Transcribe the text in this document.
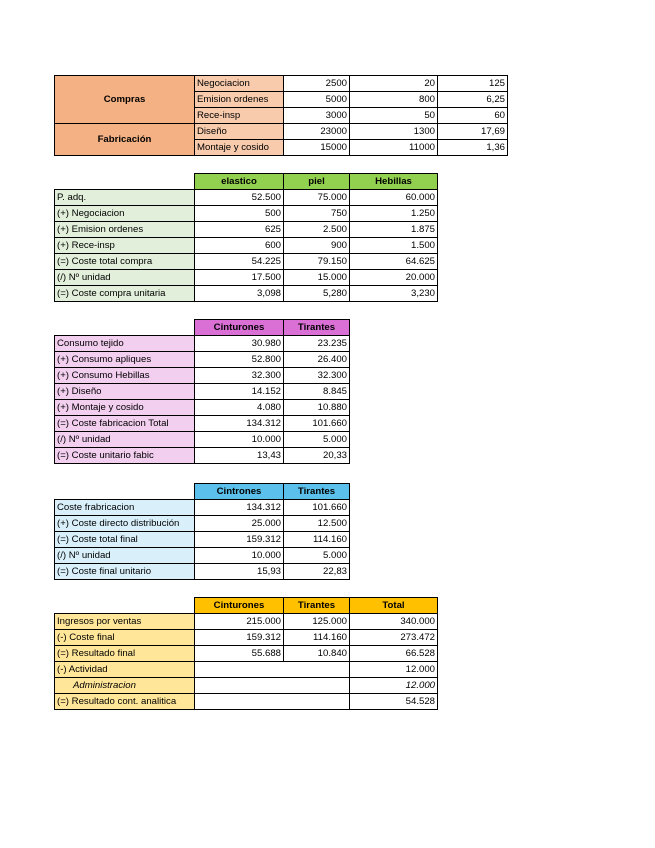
Compras	Negociacion	2500	20	125
	Emision ordenes	5000	800	6,25
	Rece-insp	3000	50	60
Fabricación	Diseño	23000	1300	17,69
	Montaje y cosido	15000	11000	1,36
	elastico	piel	Hebillas
P. adq.	52.500	75.000	60.000
(+) Negociacion	500	750	1.250
(+) Emision ordenes	625	2.500	1.875
(+) Rece-insp	600	900	1.500
(=) Coste total compra	54.225	79.150	64.625
(/) Nº unidad	17.500	15.000	20.000
(=) Coste compra unitaria	3,098	5,280	3,230
	Cinturones	Tirantes
Consumo tejido	30.980	23.235
(+) Consumo apliques	52.800	26.400
(+) Consumo Hebillas	32.300	32.300
(+) Diseño	14.152	8.845
(+) Montaje y cosido	4.080	10.880
(=) Coste fabricacion Total	134.312	101.660
(/) Nº unidad	10.000	5.000
(=) Coste unitario fabic	13,43	20,33
	Cintrones	Tirantes
Coste frabricacion	134.312	101.660
(+) Coste directo distribución	25.000	12.500
(=) Coste total final	159.312	114.160
(/) Nº unidad	10.000	5.000
(=) Coste final unitario	15,93	22,83
	Cinturones	Tirantes	Total
Ingresos por ventas	215.000	125.000	340.000
(-) Coste final	159.312	114.160	273.472
(=) Resultado final	55.688	10.840	66.528
(-) Actividad			12.000
Administracion			12.000
(=) Resultado cont. analitica			54.528
